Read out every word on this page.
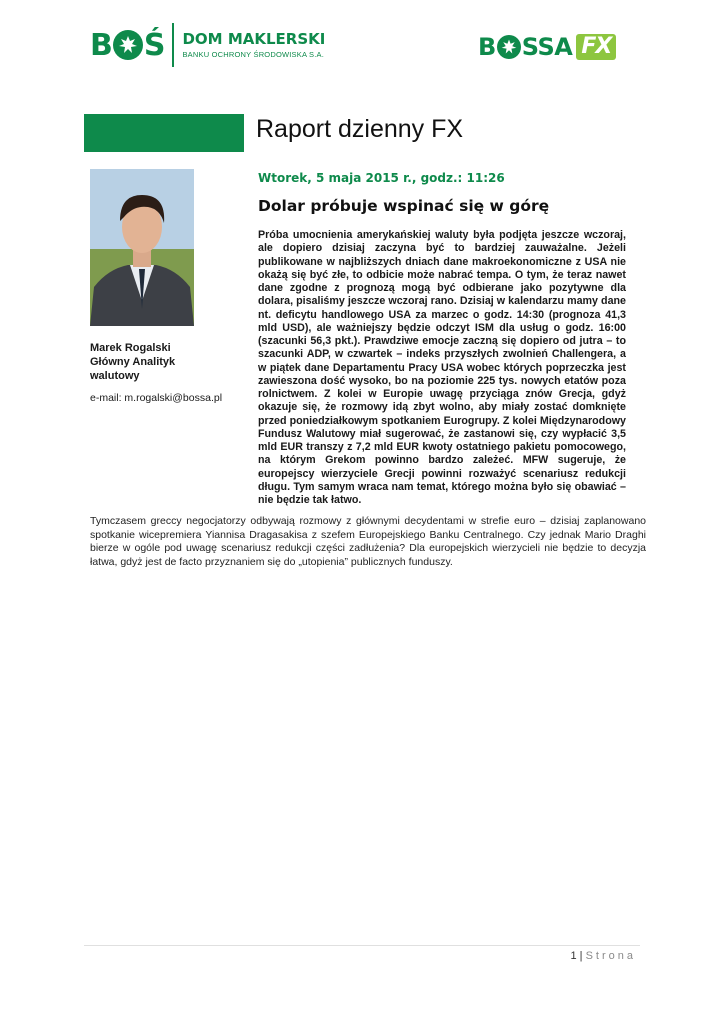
B Ś DOM MAKLERSKI
BANKU OCHRONY ŚRODOWISKA S.A.	B SSA FX
Raport dzienny FX
Marek Rogalski
Główny Analityk walutowy
e-mail: m.rogalski@bossa.pl
Wtorek, 5 maja 2015 r., godz.: 11:26
Dolar próbuje wspinać się w górę
Próba umocnienia amerykańskiej waluty była podjęta jeszcze wczoraj, ale dopiero dzisiaj zaczyna być to bardziej zauważalne. Jeżeli publikowane w najbliższych dniach dane makroekonomiczne z USA nie okażą się być złe, to odbicie może nabrać tempa. O tym, że teraz nawet dane zgodne z prognozą mogą być odbierane jako pozytywne dla dolara, pisaliśmy jeszcze wczoraj rano. Dzisiaj w kalendarzu mamy dane nt. deficytu handlowego USA za marzec o godz. 14:30 (prognoza 41,3 mld USD), ale ważniejszy będzie odczyt ISM dla usług o godz. 16:00 (szacunki 56,3 pkt.). Prawdziwe emocje zaczną się dopiero od jutra – to szacunki ADP, w czwartek – indeks przyszłych zwolnień Challengera, a w piątek dane Departamentu Pracy USA wobec których poprzeczka jest zawieszona dość wysoko, bo na poziomie 225 tys. nowych etatów poza rolnictwem. Z kolei w Europie uwagę przyciąga znów Grecja, gdyż okazuje się, że rozmowy idą zbyt wolno, aby miały zostać domknięte przed poniedziałkowym spotkaniem Eurogrupy. Z kolei Międzynarodowy Fundusz Walutowy miał sugerować, że zastanowi się, czy wypłacić 3,5 mld EUR transzy z 7,2 mld EUR kwoty ostatniego pakietu pomocowego, na którym Grekom powinno bardzo zależeć. MFW sugeruje, że europejscy wierzyciele Grecji powinni rozważyć scenariusz redukcji długu. Tym samym wraca nam temat, którego można było się obawiać – nie będzie tak łatwo.
Tymczasem greccy negocjatorzy odbywają rozmowy z głównymi decydentami w strefie euro – dzisiaj zaplanowano spotkanie wicepremiera Yiannisa Dragasakisa z szefem Europejskiego Banku Centralnego. Czy jednak Mario Draghi bierze w ogóle pod uwagę scenariusz redukcji części zadłużenia? Dla europejskich wierzycieli nie będzie to decyzja łatwa, gdyż jest de facto przyznaniem się do „utopienia” publicznych funduszy.
1 | Strona
